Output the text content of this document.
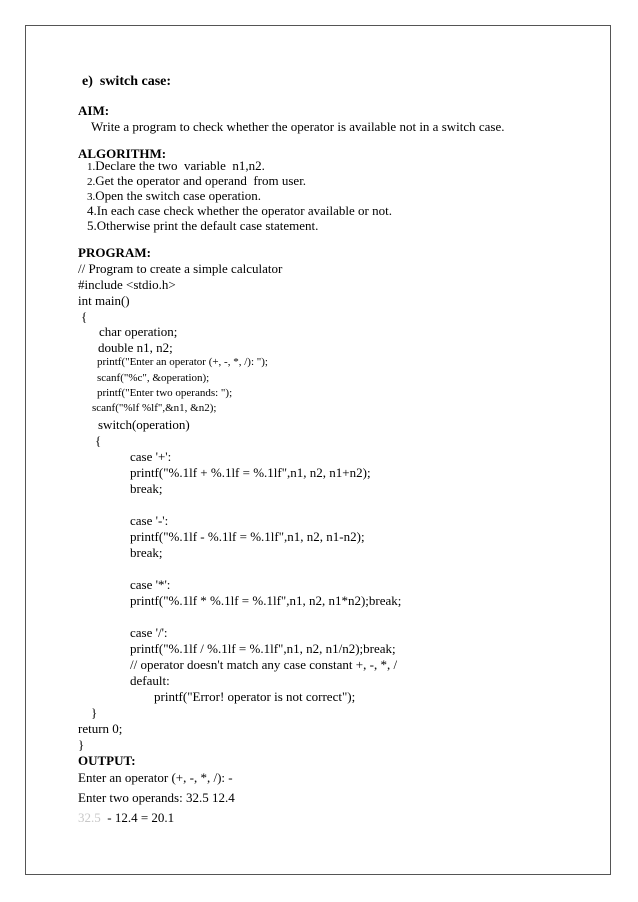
e)  switch case:
AIM:
Write a program to check whether the operator is available not in a switch case.
ALGORITHM:
1.Declare the two  variable  n1,n2.
2.Get the operator and operand  from user.
3.Open the switch case operation.
4.In each case check whether the operator available or not.
5.Otherwise print the default case statement.
PROGRAM:
// Program to create a simple calculator
#include <stdio.h>
int main()
{
char operation;
double n1, n2;
printf("Enter an operator (+, -, *, /): ");
scanf("%c", &operation);
printf("Enter two operands: ");
scanf("%lf %lf",&n1, &n2);
switch(operation)
{
case '+':
printf("%.1lf + %.1lf = %.1lf",n1, n2, n1+n2);
break;
case '-':
printf("%.1lf - %.1lf = %.1lf",n1, n2, n1-n2);
break;
case '*':
printf("%.1lf * %.1lf = %.1lf",n1, n2, n1*n2);break;
case '/':
printf("%.1lf / %.1lf = %.1lf",n1, n2, n1/n2);break;
// operator doesn't match any case constant +, -, *, /
default:
printf("Error! operator is not correct");
}
return 0;
}
OUTPUT:
Enter an operator (+, -, *, /): -
Enter two operands: 32.5 12.4
32.5 - 12.4 = 20.1
